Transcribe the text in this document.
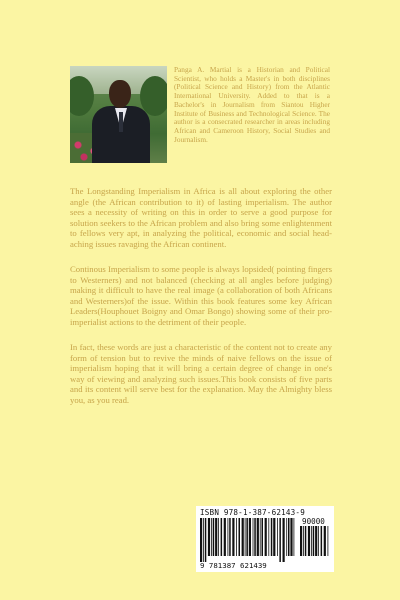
Panga A. Martial is a Historian and Political Scientist, who holds a Master's in both disciplines (Political Science and History) from the Atlantic International University. Added to that is a Bachelor's in Journalism from Siantou Higher Institute of Business and Technological Science. The author is a consecrated researcher in areas including African and Cameroon History, Social Studies and Journalism.

The Longstanding Imperialism in Africa is all about exploring the other angle (the African contribution to it) of lasting imperialism. The author sees a necessity of writing on this in order to serve a good purpose for solution seekers to the African problem and also bring some enlightenment to fellows very apt, in analyzing the political, economic and social head-aching issues ravaging the African continent.

Continous Imperialism to some people is always lopsided( pointing fingers to Westerners) and not balanced (checking at all angles before judging) making it difficult to have the real image (a collaboration of both Africans and Westerners)of the issue. Within this book features some key African Leaders(Houphouet Boigny and Omar Bongo) showing some of their pro-imperialist actions to the detriment of their people.

In fact, these words are just a characteristic of the content not to create any form of tension but to revive the minds of naive fellows on the issue of imperialism hoping that it will bring a certain degree of change in one's way of viewing and analyzing such issues.This book consists of five parts and its content will serve best for the explanation. May the Almighty bless you, as you read.

ISBN 978-1-387-62143-9
90000
9 781387 621439
